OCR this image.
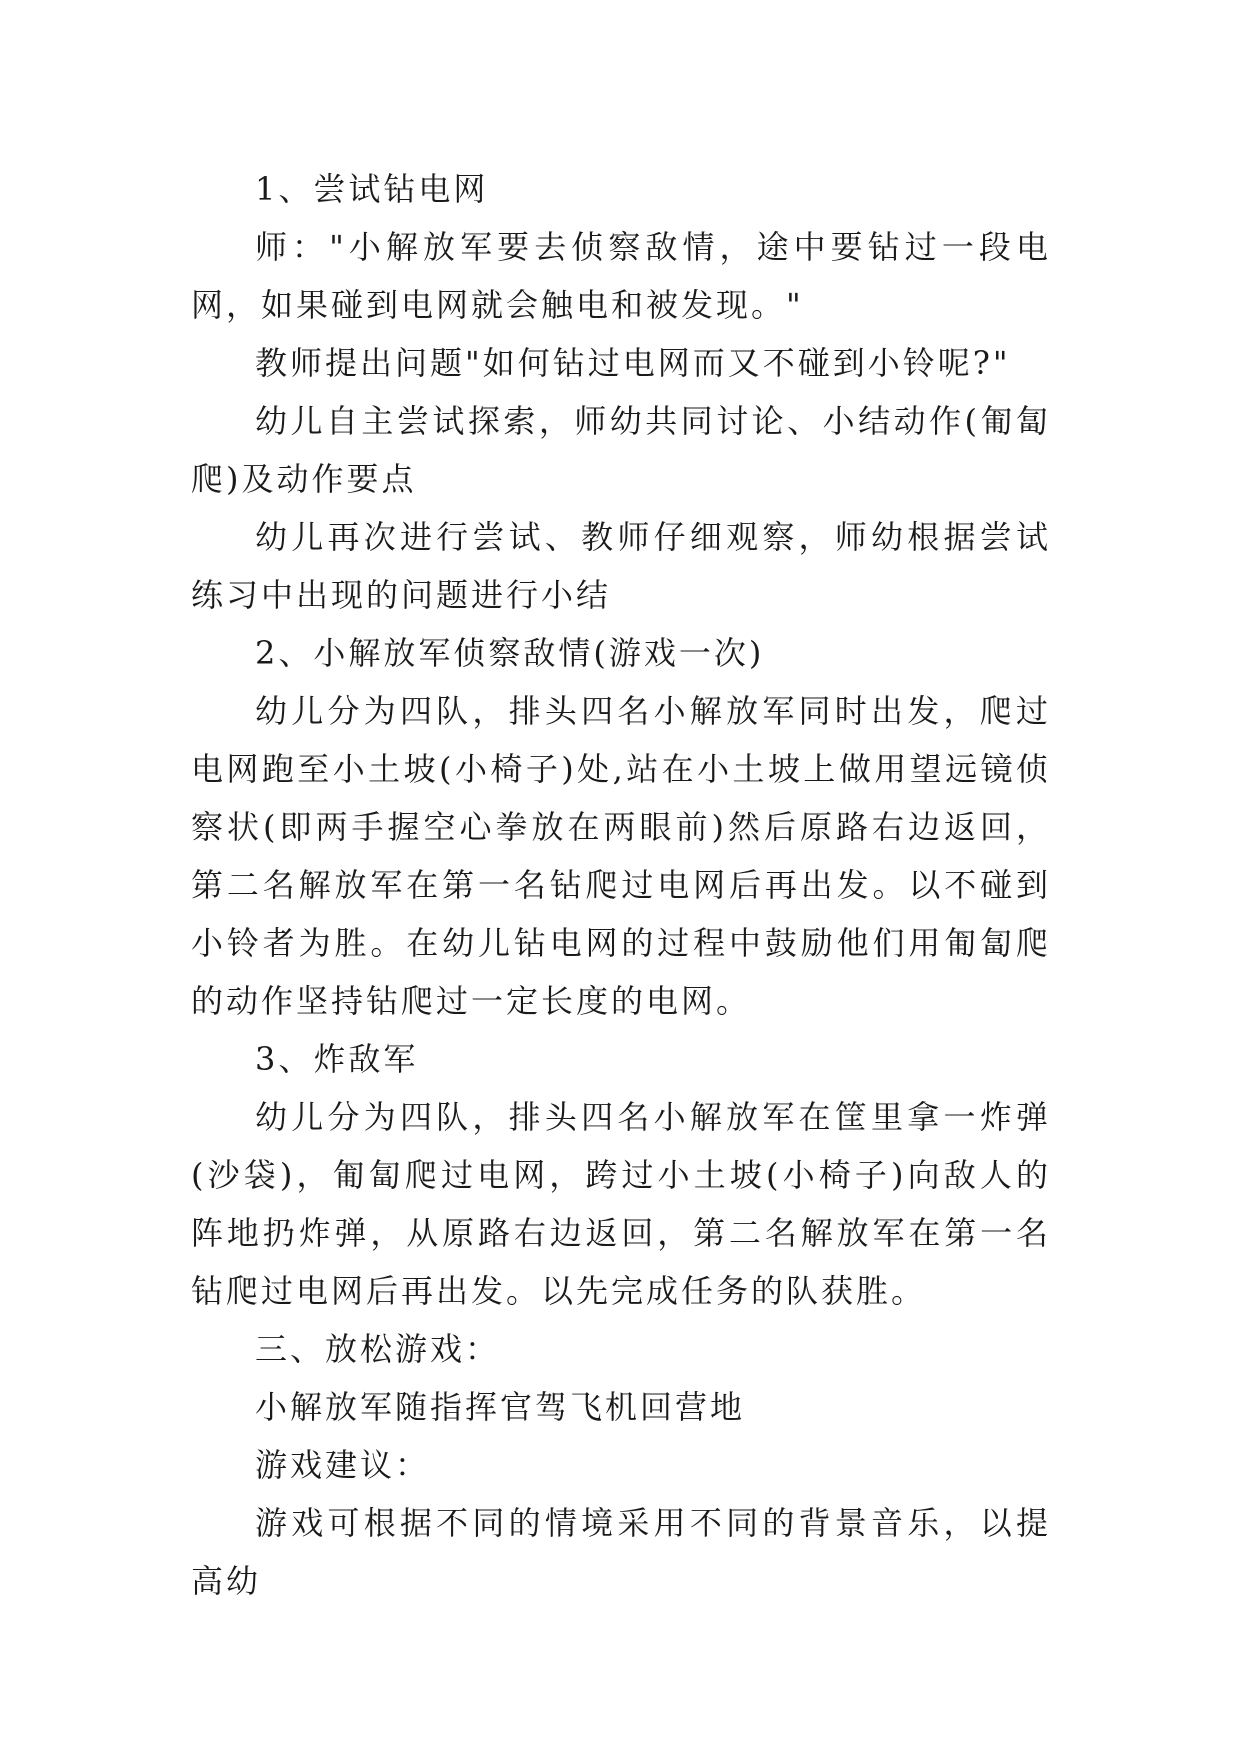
1、尝试钻电网

师："小解放军要去侦察敌情，途中要钻过一段电网，如果碰到电网就会触电和被发现。"

教师提出问题"如何钻过电网而又不碰到小铃呢?"

幼儿自主尝试探索，师幼共同讨论、小结动作(匍匐爬)及动作要点

幼儿再次进行尝试、教师仔细观察，师幼根据尝试练习中出现的问题进行小结

2、小解放军侦察敌情(游戏一次)

幼儿分为四队，排头四名小解放军同时出发，爬过电网跑至小土坡(小椅子)处,站在小土坡上做用望远镜侦察状(即两手握空心拳放在两眼前)然后原路右边返回，第二名解放军在第一名钻爬过电网后再出发。以不碰到小铃者为胜。在幼儿钻电网的过程中鼓励他们用匍匐爬的动作坚持钻爬过一定长度的电网。

3、炸敌军

幼儿分为四队，排头四名小解放军在筐里拿一炸弹(沙袋)，匍匐爬过电网，跨过小土坡(小椅子)向敌人的阵地扔炸弹，从原路右边返回，第二名解放军在第一名钻爬过电网后再出发。以先完成任务的队获胜。

三、放松游戏：

小解放军随指挥官驾飞机回营地

游戏建议：

游戏可根据不同的情境采用不同的背景音乐，以提高幼
